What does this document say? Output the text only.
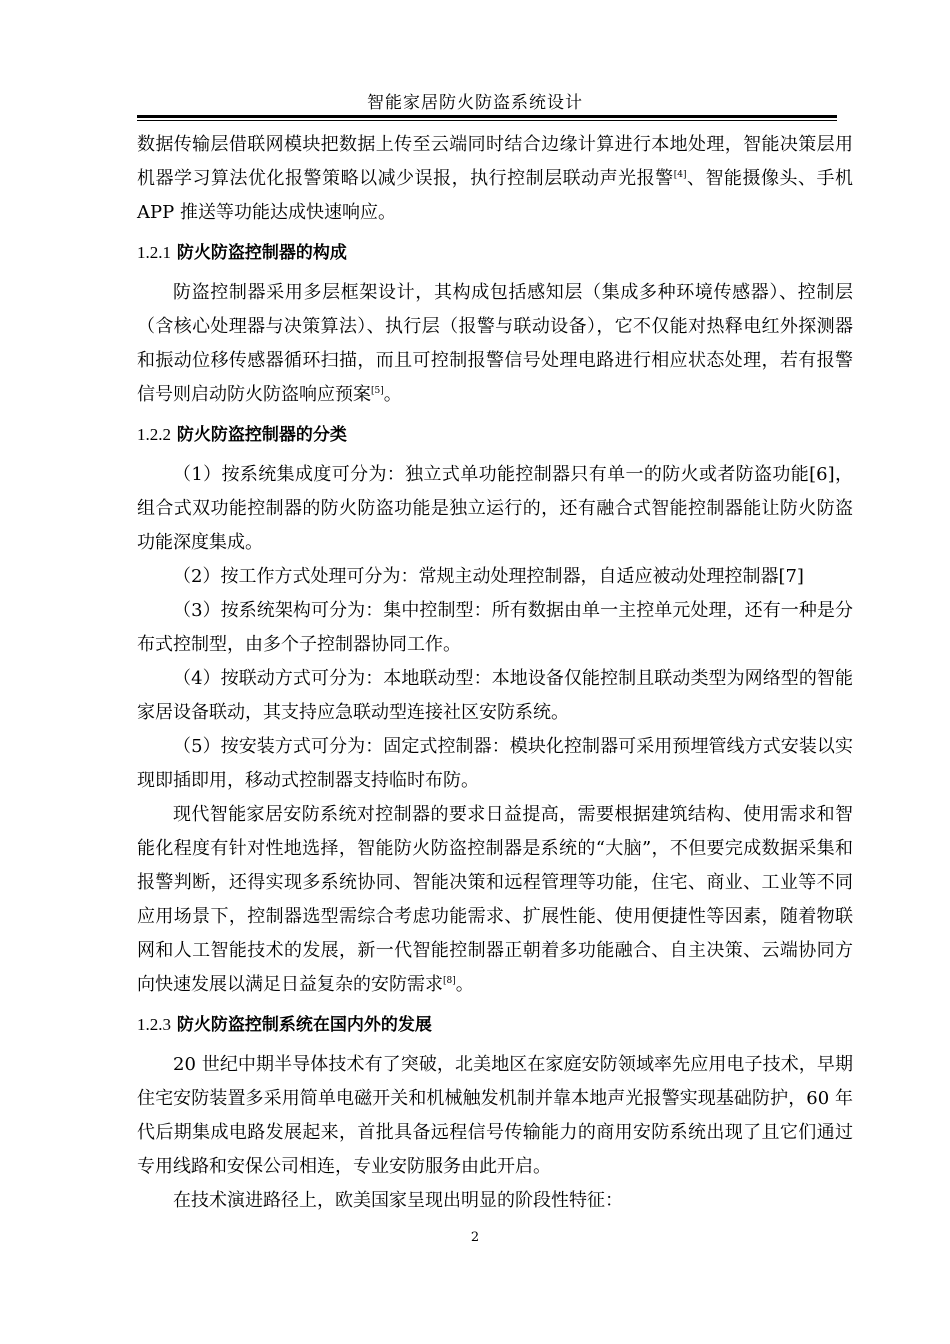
智能家居防火防盗系统设计

数据传输层借联网模块把数据上传至云端同时结合边缘计算进行本地处理，智能决策层用机器学习算法优化报警策略以减少误报，执行控制层联动声光报警[4]、智能摄像头、手机 APP 推送等功能达成快速响应。

1.2.1 防火防盗控制器的构成

防盗控制器采用多层框架设计，其构成包括感知层（集成多种环境传感器）、控制层（含核心处理器与决策算法）、执行层（报警与联动设备），它不仅能对热释电红外探测器和振动位移传感器循环扫描，而且可控制报警信号处理电路进行相应状态处理，若有报警信号则启动防火防盗响应预案[5]。

1.2.2 防火防盗控制器的分类

（1）按系统集成度可分为：独立式单功能控制器只有单一的防火或者防盗功能[6]，组合式双功能控制器的防火防盗功能是独立运行的，还有融合式智能控制器能让防火防盗功能深度集成。

（2）按工作方式处理可分为：常规主动处理控制器，自适应被动处理控制器[7]

（3）按系统架构可分为：集中控制型：所有数据由单一主控单元处理，还有一种是分布式控制型，由多个子控制器协同工作。

（4）按联动方式可分为：本地联动型：本地设备仅能控制且联动类型为网络型的智能家居设备联动，其支持应急联动型连接社区安防系统。

（5）按安装方式可分为：固定式控制器：模块化控制器可采用预埋管线方式安装以实现即插即用，移动式控制器支持临时布防。

现代智能家居安防系统对控制器的要求日益提高，需要根据建筑结构、使用需求和智能化程度有针对性地选择，智能防火防盗控制器是系统的“大脑”，不但要完成数据采集和报警判断，还得实现多系统协同、智能决策和远程管理等功能，住宅、商业、工业等不同应用场景下，控制器选型需综合考虑功能需求、扩展性能、使用便捷性等因素，随着物联网和人工智能技术的发展，新一代智能控制器正朝着多功能融合、自主决策、云端协同方向快速发展以满足日益复杂的安防需求[8]。

1.2.3 防火防盗控制系统在国内外的发展

20 世纪中期半导体技术有了突破，北美地区在家庭安防领域率先应用电子技术，早期住宅安防装置多采用简单电磁开关和机械触发机制并靠本地声光报警实现基础防护，60 年代后期集成电路发展起来，首批具备远程信号传输能力的商用安防系统出现了且它们通过专用线路和安保公司相连，专业安防服务由此开启。

在技术演进路径上，欧美国家呈现出明显的阶段性特征：

2
